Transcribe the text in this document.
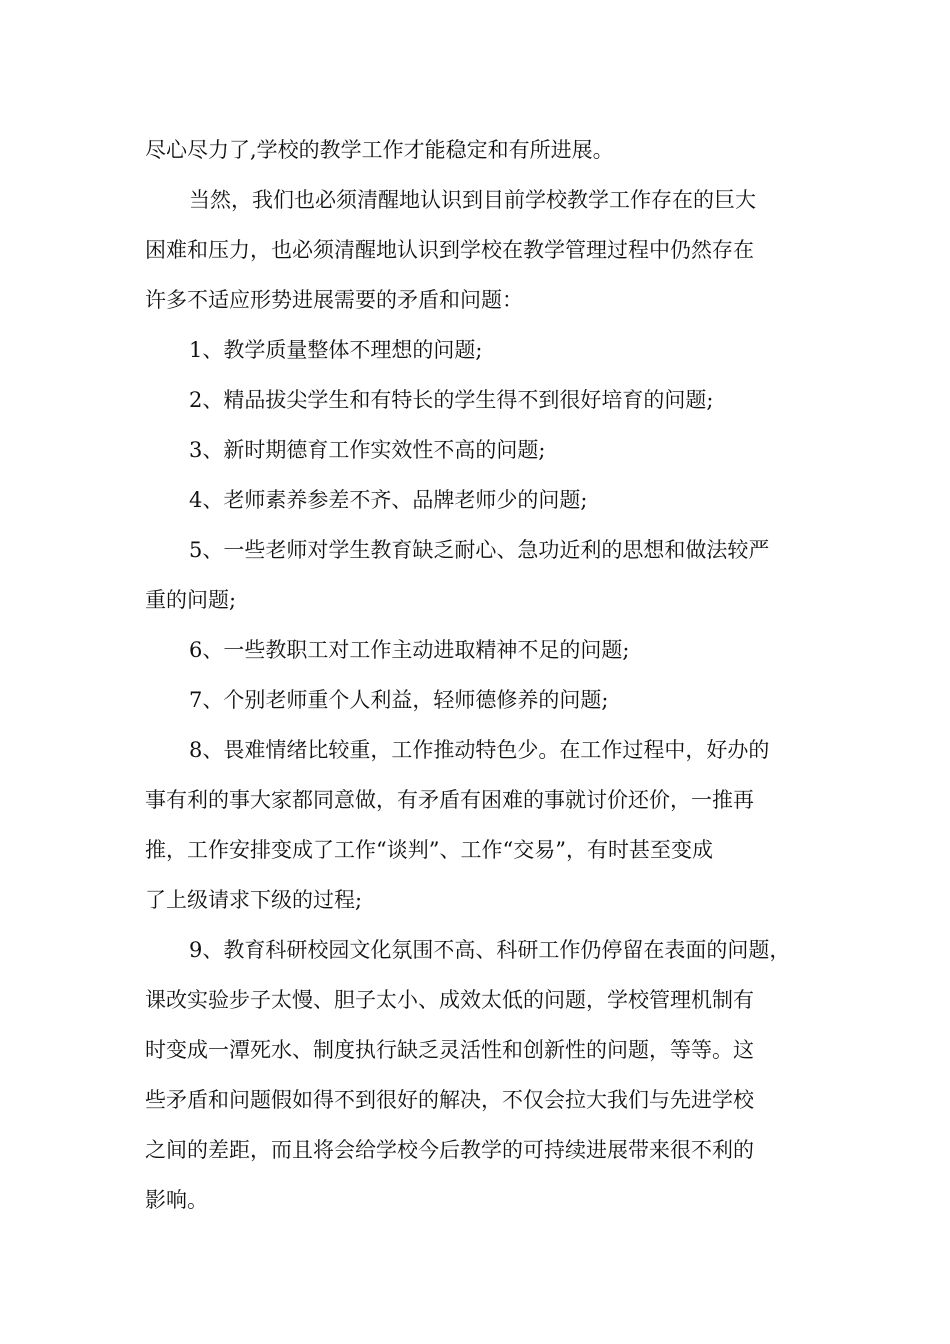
尽心尽力了,学校的教学工作才能稳定和有所进展。
当然，我们也必须清醒地认识到目前学校教学工作存在的巨大
困难和压力，也必须清醒地认识到学校在教学管理过程中仍然存在
许多不适应形势进展需要的矛盾和问题：
1、教学质量整体不理想的问题;
2、精品拔尖学生和有特长的学生得不到很好培育的问题;
3、新时期德育工作实效性不高的问题;
4、老师素养参差不齐、品牌老师少的问题;
5、一些老师对学生教育缺乏耐心、急功近利的思想和做法较严
重的问题;
6、一些教职工对工作主动进取精神不足的问题;
7、个别老师重个人利益，轻师德修养的问题;
8、畏难情绪比较重，工作推动特色少。在工作过程中，好办的
事有利的事大家都同意做，有矛盾有困难的事就讨价还价，一推再
推，工作安排变成了工作“谈判”、工作“交易”，有时甚至变成
了上级请求下级的过程;
9、教育科研校园文化氛围不高、科研工作仍停留在表面的问题，
课改实验步子太慢、胆子太小、成效太低的问题，学校管理机制有
时变成一潭死水、制度执行缺乏灵活性和创新性的问题，等等。这
些矛盾和问题假如得不到很好的解决，不仅会拉大我们与先进学校
之间的差距，而且将会给学校今后教学的可持续进展带来很不利的
影响。
